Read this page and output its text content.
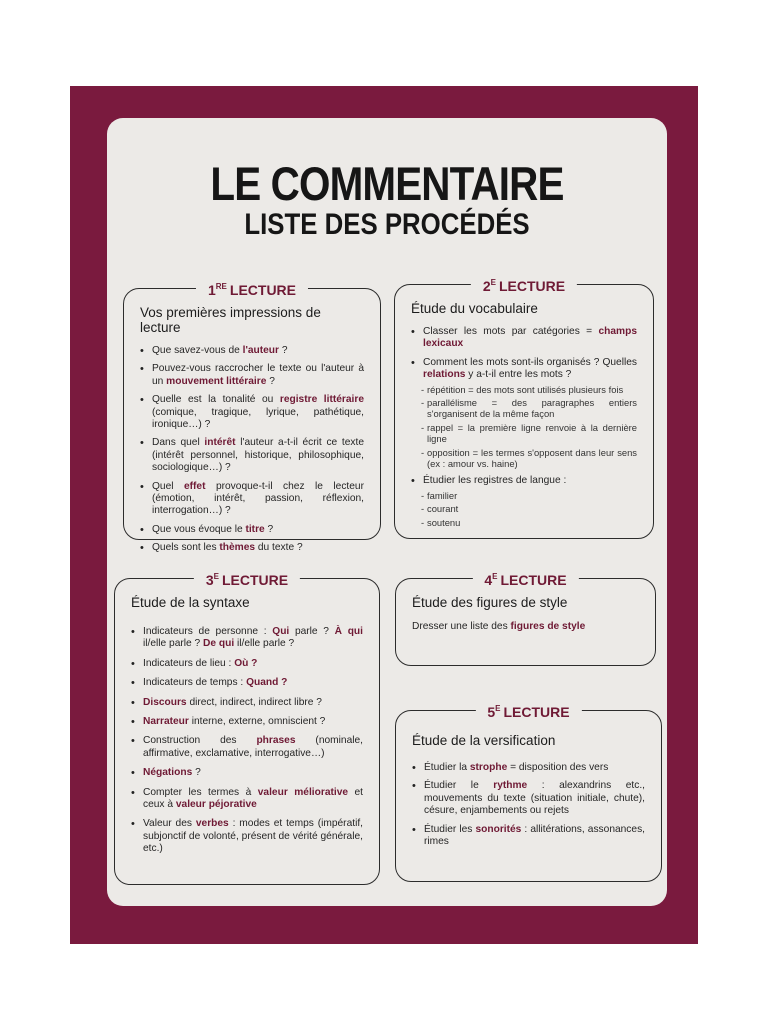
LE COMMENTAIRE
LISTE DES PROCÉDÉS
1RE LECTURE
Vos premières impressions de lecture
• Que savez-vous de l'auteur ?
• Pouvez-vous raccrocher le texte ou l'auteur à un mouvement littéraire ?
• Quelle est la tonalité ou registre littéraire (comique, tragique, lyrique, pathétique, ironique…) ?
• Dans quel intérêt l'auteur a-t-il écrit ce texte (intérêt personnel, historique, philosophique, sociologique…) ?
• Quel effet provoque-t-il chez le lecteur (émotion, intérêt, passion, réflexion, interrogation…) ?
• Que vous évoque le titre ?
• Quels sont les thèmes du texte ?
$2^E$ LECTURE
Étude du vocabulaire
• Classer les mots par catégories = champs lexicaux
• Comment les mots sont-ils organisés ? Quelles relations y a-t-il entre les mots ?
- répétition = des mots sont utilisés plusieurs fois
- parallélisme = des paragraphes entiers s'organisent de la même façon
- rappel = la première ligne renvoie à la dernière ligne
- opposition = les termes s'opposent dans leur sens (ex : amour vs. haine)
• Étudier les registres de langue :
- familier
- courant
- soutenu
$3^E$ LECTURE
Étude de la syntaxe
• Indicateurs de personne : Qui parle ? À qui il/elle parle ? De qui il/elle parle ?
• Indicateurs de lieu : Où ?
• Indicateurs de temps : Quand ?
• Discours direct, indirect, indirect libre ?
• Narrateur interne, externe, omniscient ?
• Construction des phrases (nominale, affirmative, exclamative, interrogative…)
• Négations ?
• Compter les termes à valeur méliorative et ceux à valeur péjorative
• Valeur des verbes : modes et temps (impératif, subjonctif de volonté, présent de vérité générale, etc.)
$4^E$ LECTURE
Étude des figures de style
Dresser une liste des figures de style
$5^E$ LECTURE
Étude de la versification
• Étudier la strophe = disposition des vers
• Étudier le rythme : alexandrins etc., mouvements du texte (situation initiale, chute), césure, enjambements ou rejets
• Étudier les sonorités : allitérations, assonances, rimes
